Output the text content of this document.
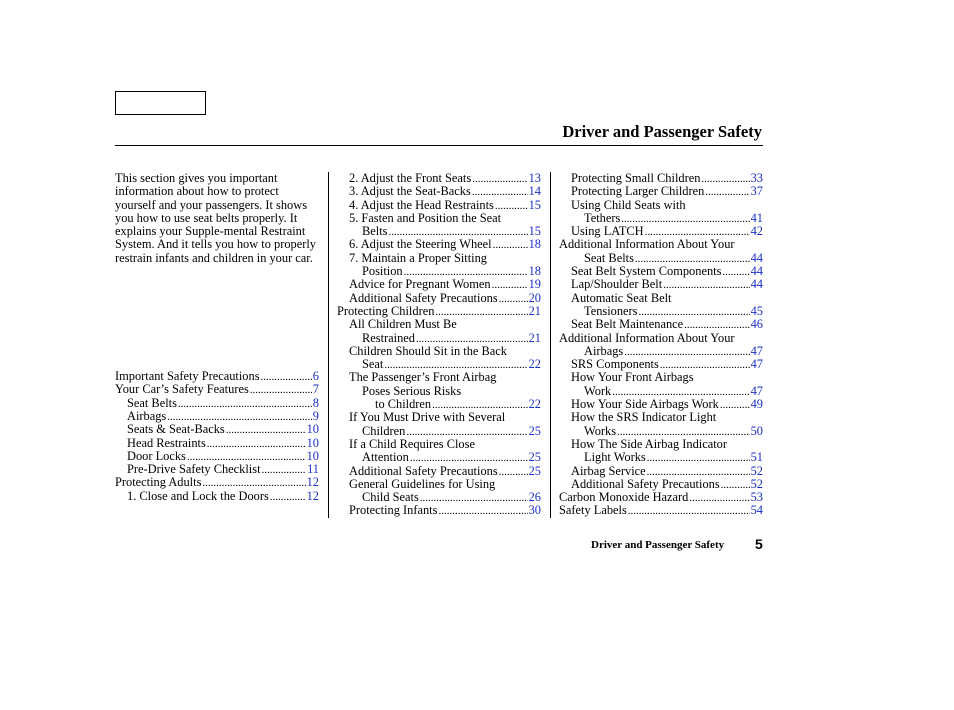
Driver and Passenger Safety

This section gives you important information about how to protect yourself and your passengers. It shows you how to use seat belts properly. It explains your Supple-mental Restraint System. And it tells you how to properly restrain infants and children in your car.

Important Safety Precautions .....	6
Your Car’s Safety Features .....	7
Seat Belts .....	8
Airbags .....	9
Seats & Seat-Backs .....	10
Head Restraints .....	10
Door Locks .....	10
Pre-Drive Safety Checklist .....	11
Protecting Adults .....	12
1. Close and Lock the Doors .....	12
2. Adjust the Front Seats .....	13
3. Adjust the Seat-Backs .....	14
4. Adjust the Head Restraints .....	15
5. Fasten and Position the Seat
Belts .....	15
6. Adjust the Steering Wheel .....	18
7. Maintain a Proper Sitting
Position .....	18
Advice for Pregnant Women .....	19
Additional Safety Precautions ..... 20
Protecting Children .....	21
All Children Must Be
Restrained .....	21
Children Should Sit in the Back
Seat .....	22
The Passenger’s Front Airbag
Poses Serious Risks
to Children .....	22
If You Must Drive with Several
Children .....	25
If a Child Requires Close
Attention .....	25
Additional Safety Precautions ..... 25
General Guidelines for Using
Child Seats .....	26
Protecting Infants .....	30
Protecting Small Children .....	33
Protecting Larger Children .....	37
Using Child Seats with
Tethers .....	41
Using LATCH .....	42
Additional Information About Your
Seat Belts .....	44
Seat Belt System Components ..... 44
Lap/Shoulder Belt .....	44
Automatic Seat Belt
Tensioners .....	45
Seat Belt Maintenance .....	46
Additional Information About Your
Airbags .....	47
SRS Components .....	47
How Your Front Airbags
Work .....	47
How Your Side Airbags Work .....	49
How the SRS Indicator Light
Works .....	50
How The Side Airbag Indicator
Light Works .....	51
Airbag Service .....	52
Additional Safety Precautions ..... 52
Carbon Monoxide Hazard .....	53
Safety Labels .....	54

Driver and Passenger Safety 5
